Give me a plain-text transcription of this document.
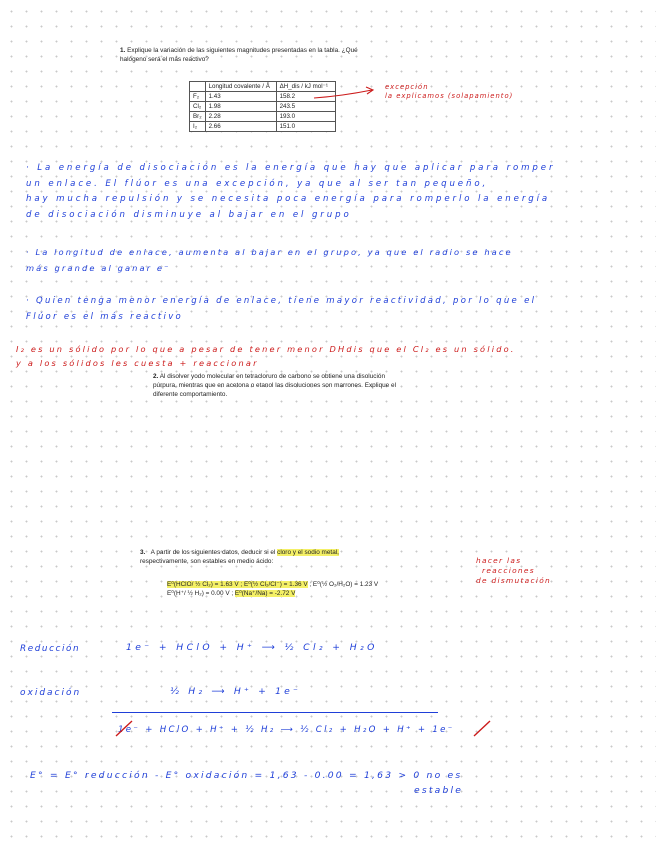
1. Explique la variación de las siguientes magnitudes presentadas en la tabla. ¿Qué
halógeno será el más reactivo?
	Longitud covalente / Å	ΔH_dis / kJ mol⁻¹
F₂	1.43	158.2
Cl₂	1.98	243.5
Br₂	2.28	193.0
I₂	2.66	151.0
excepción
la explicamos (solapamiento)
· La energía de disociación es la energía que hay que aplicar para romper
un enlace. El flúor es una excepción, ya que al ser tan pequeño,
hay mucha repulsión y se necesita poca energía para romperlo la energía
de disociación disminuye al bajar en el grupo
· La longitud de enlace, aumenta al bajar en el grupo, ya que el radio se hace
más grande al ganar e⁻
· Quien tenga menor energía de enlace, tiene mayor reactividad, por lo que el
Flúor es el más reactivo
I₂ es un sólido por lo que a pesar de tener menor DHdis que el Cl₂ es un sólido.
y a los sólidos les cuesta + reaccionar
2. Al disolver yodo molecular en tetracloruro de carbono se obtiene una disolución
púrpura, mientras que en acetona o etanol las disoluciones son marrones. Explique el
diferente comportamiento.
3. A partir de los siguientes datos, deducir si el cloro y el sodio metal,
respectivamente, son estables en medio ácido:
E⁰(HClO/ ½ Cl₂) = 1.63 V ; E⁰(½ Cl₂/Cl⁻) = 1.36 V ; E⁰(½ O₂/H₂O) = 1.23 V
E⁰(H⁺/ ½ H₂) = 0.00 V ; E⁰(Na⁺/Na) = -2.72 V
hacer las
reacciones
de dismutación
Reducción	1e⁻ + HClO + H⁺ ⟶ ½ Cl₂ + H₂O
oxidación	½ H₂ ⟶ H⁺ + 1e⁻
1e⁻ + HClO + H⁺ + ½ H₂ ⟶ ½ Cl₂ + H₂O + H⁺ + 1e⁻
E° = E° reducción - E° oxidación = 1,63 - 0.00 = 1,63 > 0 no es
estable
